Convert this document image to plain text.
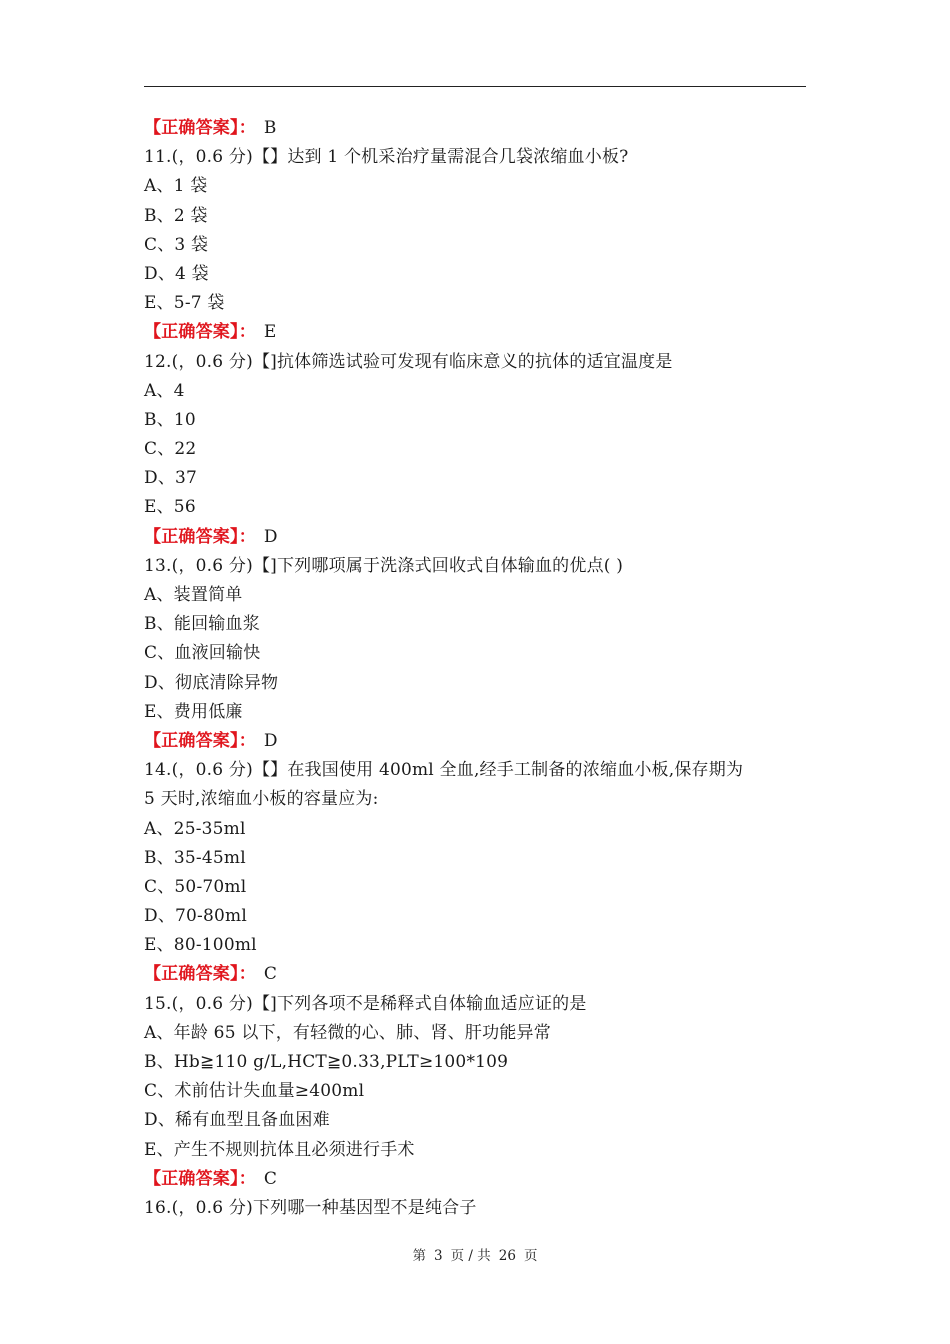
【正确答案】： B
11.(，0.6 分)【】达到 1 个机采治疗量需混合几袋浓缩血小板?
A、1 袋
B、2 袋
C、3 袋
D、4 袋
E、5-7 袋
【正确答案】： E
12.(，0.6 分)【]抗体筛选试验可发现有临床意义的抗体的适宜温度是
A、4
B、10
C、22
D、37
E、56
【正确答案】： D
13.(，0.6 分)【]下列哪项属于洗涤式回收式自体输血的优点( )
A、装置简单
B、能回输血浆
C、血液回输快
D、彻底清除异物
E、费用低廉
【正确答案】： D
14.(，0.6 分)【】在我国使用 400ml 全血,经手工制备的浓缩血小板,保存期为
5 天时,浓缩血小板的容量应为:
A、25-35ml
B、35-45ml
C、50-70ml
D、70-80ml
E、80-100ml
【正确答案】： C
15.(，0.6 分)【]下列各项不是稀释式自体输血适应证的是
A、年龄 65 以下，有轻微的心、肺、肾、肝功能异常
B、Hb≧110 g/L,HCT≧0.33,PLT≥100*109
C、术前估计失血量≥400ml
D、稀有血型且备血困难
E、产生不规则抗体且必须进行手术
【正确答案】： C
16.(，0.6 分)下列哪一种基因型不是纯合子
第 3 页 / 共 26 页
